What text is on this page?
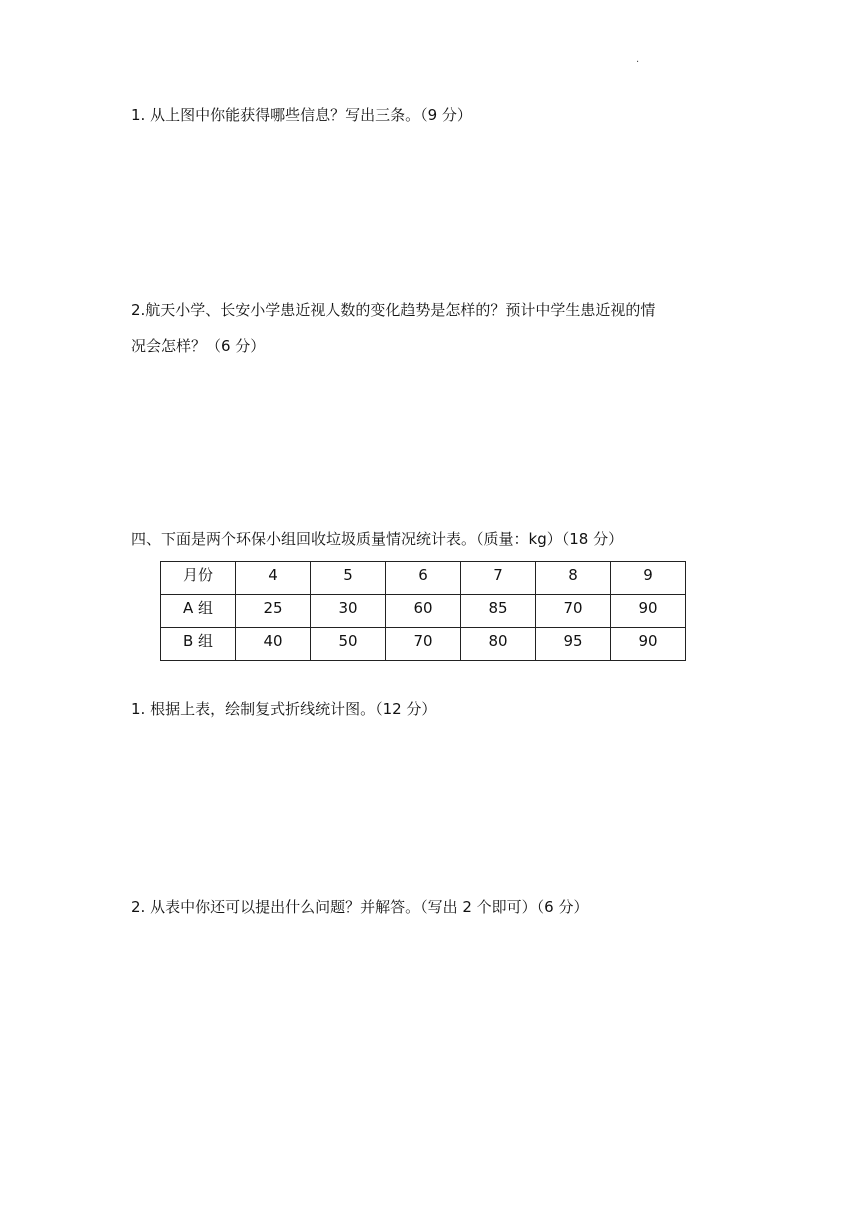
·
1. 从上图中你能获得哪些信息？写出三条。（9 分）
2.航天小学、长安小学患近视人数的变化趋势是怎样的？预计中学生患近视的情
况会怎样？（6 分）
四、下面是两个环保小组回收垃圾质量情况统计表。（质量：kg）（18 分）
月份	4	5	6	7	8	9
A 组	25	30	60	85	70	90
B 组	40	50	70	80	95	90
1. 根据上表，绘制复式折线统计图。（12 分）
2. 从表中你还可以提出什么问题？并解答。（写出 2 个即可）（6 分）
